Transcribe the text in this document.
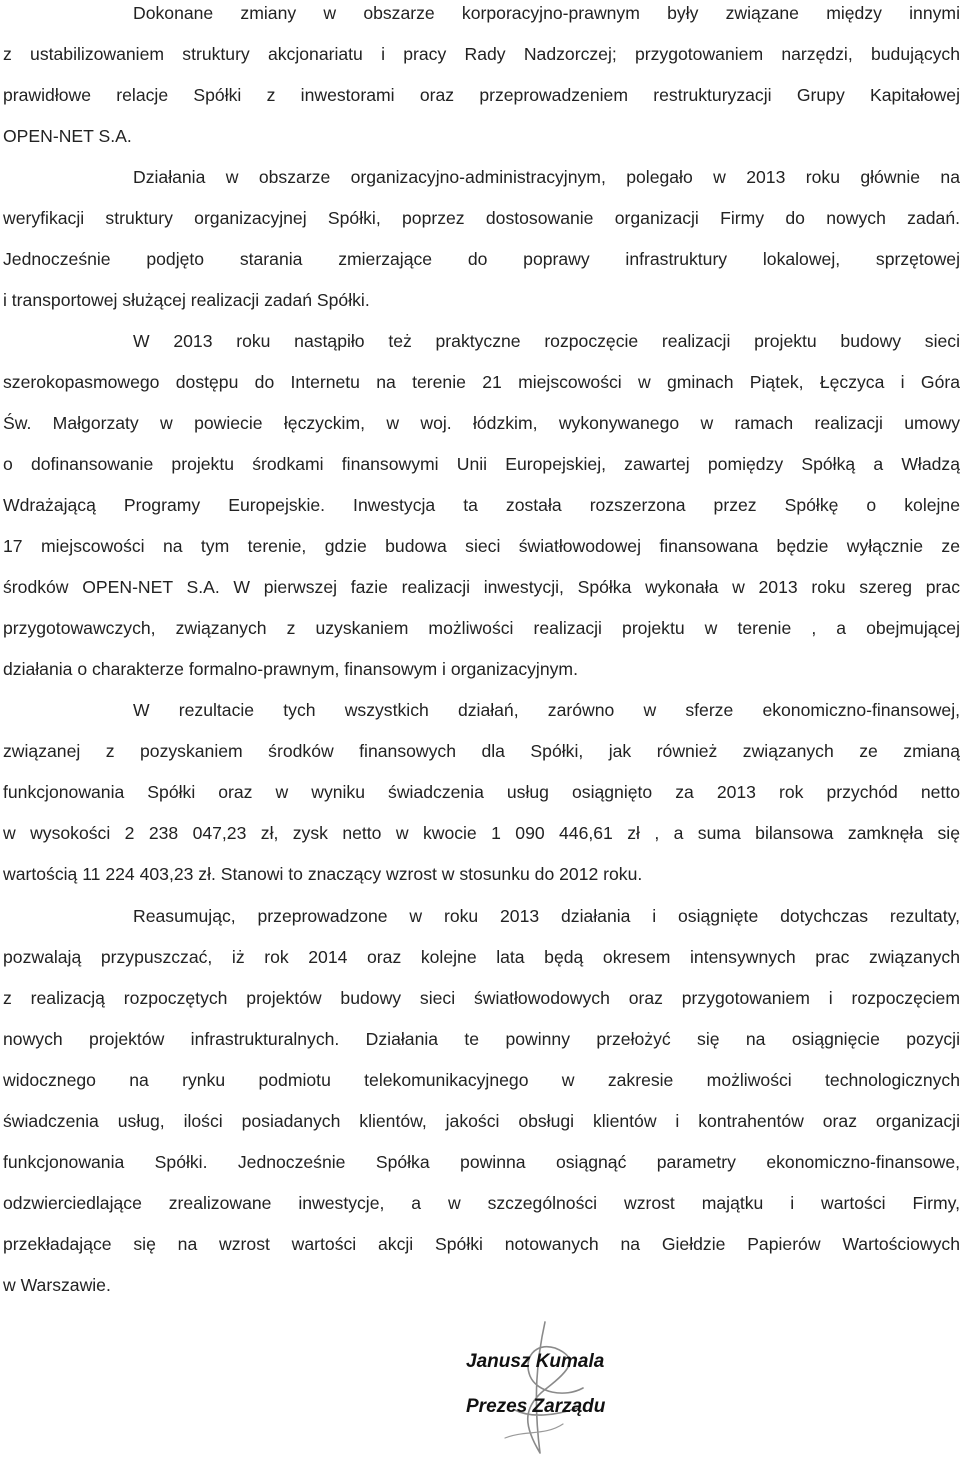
Dokonane zmiany w obszarze korporacyjno-prawnym były związane między innymi
z ustabilizowaniem struktury akcjonariatu i pracy Rady Nadzorczej; przygotowaniem narzędzi, budujących
prawidłowe relacje Spółki z inwestorami oraz przeprowadzeniem restrukturyzacji Grupy Kapitałowej
OPEN-NET S.A.
Działania w obszarze organizacyjno-administracyjnym, polegało w 2013 roku głównie na
weryfikacji struktury organizacyjnej Spółki, poprzez dostosowanie organizacji Firmy do nowych zadań.
Jednocześnie podjęto starania zmierzające do poprawy infrastruktury lokalowej, sprzętowej
i transportowej służącej realizacji zadań Spółki.
W 2013 roku nastąpiło też praktyczne rozpoczęcie realizacji projektu budowy sieci
szerokopasmowego dostępu do Internetu na terenie 21 miejscowości w gminach Piątek, Łęczyca i Góra
Św. Małgorzaty w powiecie łęczyckim, w woj. łódzkim, wykonywanego w ramach realizacji umowy
o dofinansowanie projektu środkami finansowymi Unii Europejskiej, zawartej pomiędzy Spółką a Władzą
Wdrażającą Programy Europejskie. Inwestycja ta została rozszerzona przez Spółkę o kolejne
17 miejscowości na tym terenie, gdzie budowa sieci światłowodowej finansowana będzie wyłącznie ze
środków OPEN-NET S.A. W pierwszej fazie realizacji inwestycji, Spółka wykonała w 2013 roku szereg prac
przygotowawczych, związanych z uzyskaniem możliwości realizacji projektu w terenie , a obejmującej
działania o charakterze formalno-prawnym, finansowym i organizacyjnym.
W rezultacie tych wszystkich działań, zarówno w sferze ekonomiczno-finansowej,
związanej z pozyskaniem środków finansowych dla Spółki, jak również związanych ze zmianą
funkcjonowania Spółki oraz w wyniku świadczenia usług osiągnięto za 2013 rok przychód netto
w wysokości 2 238 047,23 zł, zysk netto w kwocie 1 090 446,61 zł , a suma bilansowa zamknęła się
wartością 11 224 403,23 zł. Stanowi to znaczący wzrost w stosunku do 2012 roku.
Reasumując, przeprowadzone w roku 2013 działania i osiągnięte dotychczas rezultaty,
pozwalają przypuszczać, iż rok 2014 oraz kolejne lata będą okresem intensywnych prac związanych
z realizacją rozpoczętych projektów budowy sieci światłowodowych oraz przygotowaniem i rozpoczęciem
nowych projektów infrastrukturalnych. Działania te powinny przełożyć się na osiągnięcie pozycji
widocznego na rynku podmiotu telekomunikacyjnego w zakresie możliwości technologicznych
świadczenia usług, ilości posiadanych klientów, jakości obsługi klientów i kontrahentów oraz organizacji
funkcjonowania Spółki. Jednocześnie Spółka powinna osiągnąć parametry ekonomiczno-finansowe,
odzwierciedlające zrealizowane inwestycje, a w szczególności wzrost majątku i wartości Firmy,
przekładające się na wzrost wartości akcji Spółki notowanych na Giełdzie Papierów Wartościowych
w Warszawie.
Janusz Kumala
Prezes Zarządu
